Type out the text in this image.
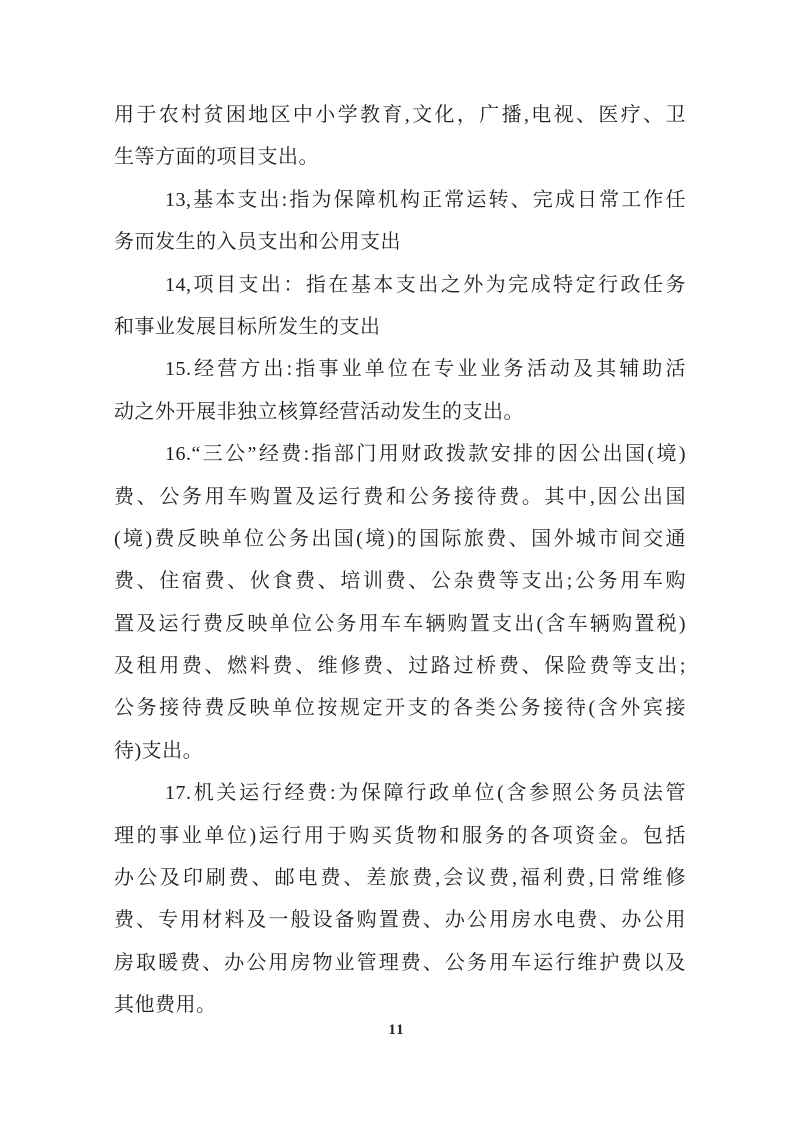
用于农村贫困地区中小学教育,文化，广播,电视、医疗、卫
生等方面的项目支出。
13,基本支出:指为保障机构正常运转、完成日常工作任
务而发生的入员支出和公用支出
14,项目支出：指在基本支出之外为完成特定行政任务
和事业发展目标所发生的支出
15.经营方出:指事业单位在专业业务活动及其辅助活
动之外开展非独立核算经营活动发生的支出。
16.“三公”经费:指部门用财政拨款安排的因公出国(境)
费、公务用车购置及运行费和公务接待费。其中,因公出国
(境)费反映单位公务出国(境)的国际旅费、国外城市间交通
费、住宿费、伙食费、培训费、公杂费等支出;公务用车购
置及运行费反映单位公务用车车辆购置支出(含车辆购置税)
及租用费、燃料费、维修费、过路过桥费、保险费等支出;
公务接待费反映单位按规定开支的各类公务接待(含外宾接
待)支出。
17.机关运行经费:为保障行政单位(含参照公务员法管
理的事业单位)运行用于购买货物和服务的各项资金。包括
办公及印刷费、邮电费、差旅费,会议费,福利费,日常维修
费、专用材料及一般设备购置费、办公用房水电费、办公用
房取暖费、办公用房物业管理费、公务用车运行维护费以及
其他费用。
11
